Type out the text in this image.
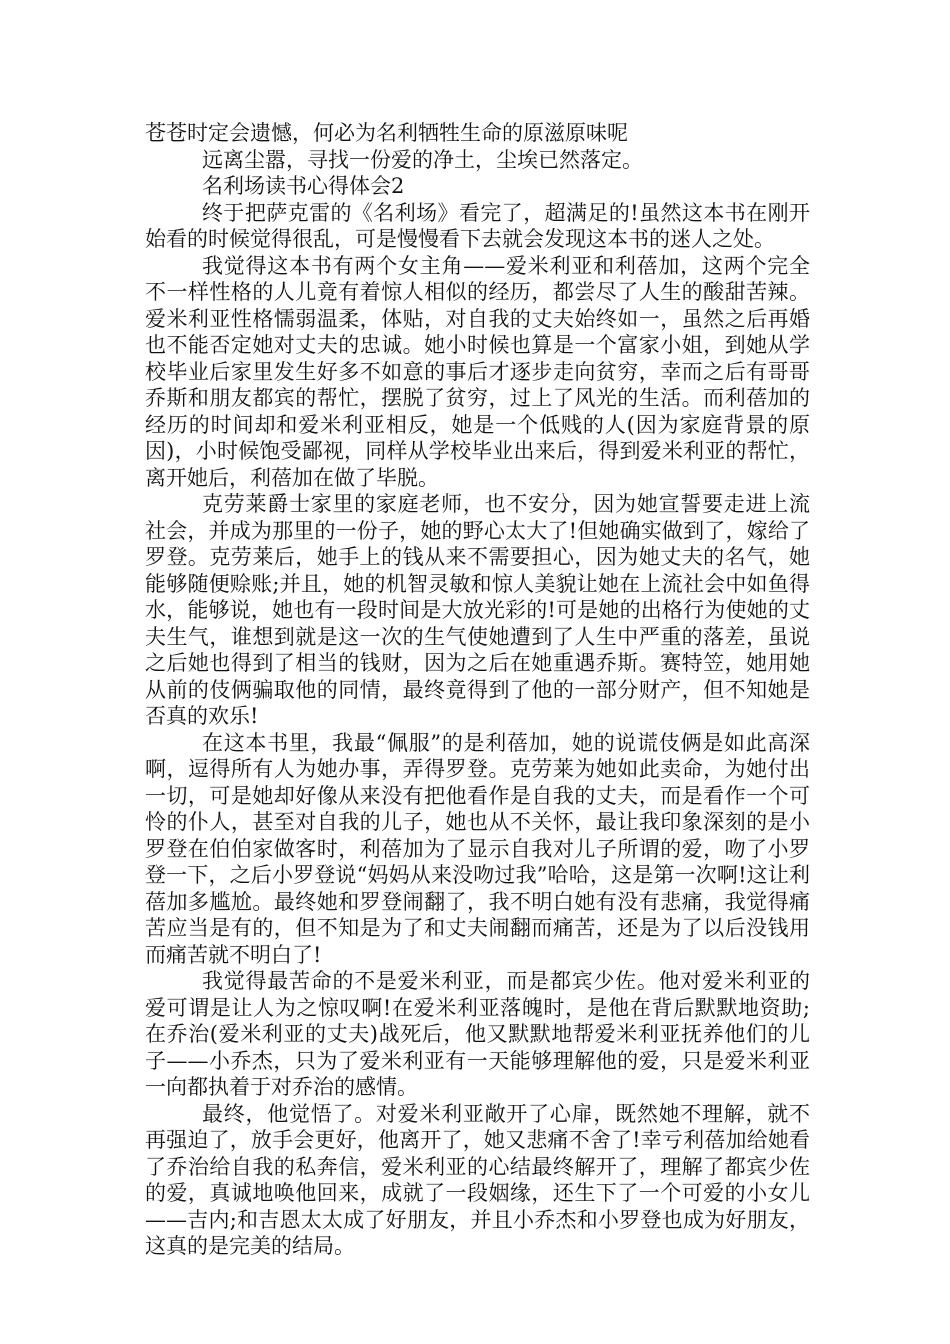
苍苍时定会遗憾，何必为名利牺牲生命的原滋原味呢

远离尘嚣，寻找一份爱的净土，尘埃已然落定。

名利场读书心得体会2

终于把萨克雷的《名利场》看完了，超满足的!虽然这本书在刚开始看的时候觉得很乱，可是慢慢看下去就会发现这本书的迷人之处。

我觉得这本书有两个女主角——爱米利亚和利蓓加，这两个完全不一样性格的人儿竟有着惊人相似的经历，都尝尽了人生的酸甜苦辣。爱米利亚性格懦弱温柔，体贴，对自我的丈夫始终如一，虽然之后再婚也不能否定她对丈夫的忠诚。她小时候也算是一个富家小姐，到她从学校毕业后家里发生好多不如意的事后才逐步走向贫穷，幸而之后有哥哥乔斯和朋友都宾的帮忙，摆脱了贫穷，过上了风光的生活。而利蓓加的经历的时间却和爱米利亚相反，她是一个低贱的人(因为家庭背景的原因)，小时候饱受鄙视，同样从学校毕业出来后，得到爱米利亚的帮忙，离开她后，利蓓加在做了毕脱。

克劳莱爵士家里的家庭老师，也不安分，因为她宣誓要走进上流社会，并成为那里的一份子，她的野心太大了!但她确实做到了，嫁给了罗登。克劳莱后，她手上的钱从来不需要担心，因为她丈夫的名气，她能够随便赊账;并且，她的机智灵敏和惊人美貌让她在上流社会中如鱼得水，能够说，她也有一段时间是大放光彩的!可是她的出格行为使她的丈夫生气，谁想到就是这一次的生气使她遭到了人生中严重的落差，虽说之后她也得到了相当的钱财，因为之后在她重遇乔斯。赛特笠，她用她从前的伎俩骗取他的同情，最终竟得到了他的一部分财产，但不知她是否真的欢乐!

在这本书里，我最“佩服”的是利蓓加，她的说谎伎俩是如此高深啊，逗得所有人为她办事，弄得罗登。克劳莱为她如此卖命，为她付出一切，可是她却好像从来没有把他看作是自我的丈夫，而是看作一个可怜的仆人，甚至对自我的儿子，她也从不关怀，最让我印象深刻的是小罗登在伯伯家做客时，利蓓加为了显示自我对儿子所谓的爱，吻了小罗登一下，之后小罗登说“妈妈从来没吻过我”哈哈，这是第一次啊!这让利蓓加多尴尬。最终她和罗登闹翻了，我不明白她有没有悲痛，我觉得痛苦应当是有的，但不知是为了和丈夫闹翻而痛苦，还是为了以后没钱用而痛苦就不明白了!

我觉得最苦命的不是爱米利亚，而是都宾少佐。他对爱米利亚的爱可谓是让人为之惊叹啊!在爱米利亚落魄时，是他在背后默默地资助;在乔治(爱米利亚的丈夫)战死后，他又默默地帮爱米利亚抚养他们的儿子——小乔杰，只为了爱米利亚有一天能够理解他的爱，只是爱米利亚一向都执着于对乔治的感情。

最终，他觉悟了。对爱米利亚敞开了心扉，既然她不理解，就不再强迫了，放手会更好，他离开了，她又悲痛不舍了!幸亏利蓓加给她看了乔治给自我的私奔信，爱米利亚的心结最终解开了，理解了都宾少佐的爱，真诚地唤他回来，成就了一段姻缘，还生下了一个可爱的小女儿——吉内;和吉恩太太成了好朋友，并且小乔杰和小罗登也成为好朋友，这真的是完美的结局。
